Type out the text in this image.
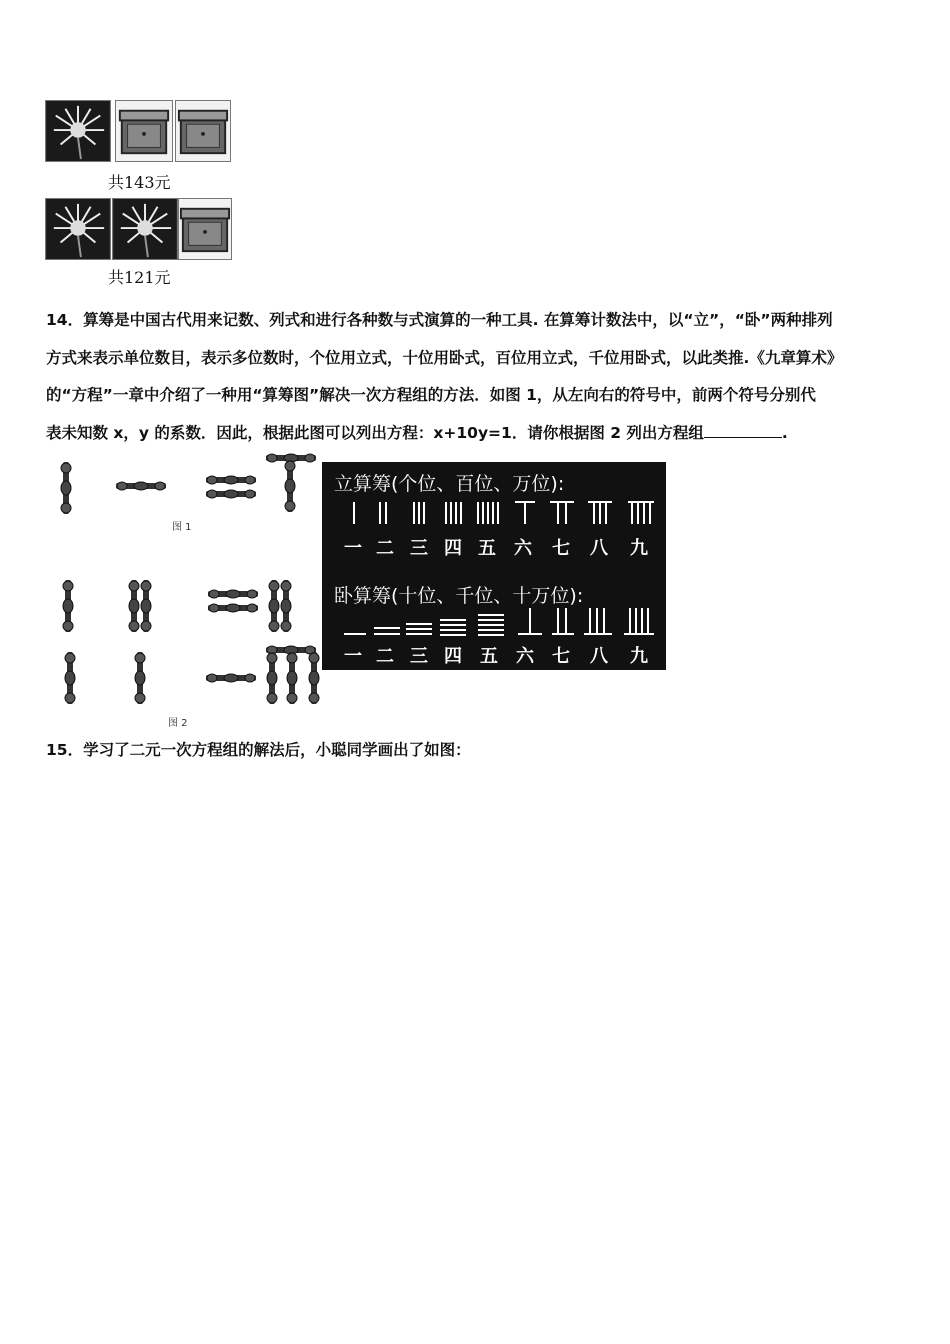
共143元
共121元
14．算筹是中国古代用来记数、列式和进行各种数与式演算的一种工具. 在算筹计数法中，以“立”，“卧”两种排列
方式来表示单位数目，表示多位数时，个位用立式，十位用卧式，百位用立式，千位用卧式，以此类推.《九章算术》
的“方程”一章中介绍了一种用“算筹图”解决一次方程组的方法．如图 1，从左向右的符号中，前两个符号分别代
表未知数 x，y 的系数．因此，根据此图可以列出方程：x+10y=1．请你根据图 2 列出方程组	.
图 1
图 2
立算筹(个位、百位、万位):
一 二 三 四 五 六 七 八 九
卧算筹(十位、千位、十万位):
一 二 三 四 五 六 七 八 九
15．学习了二元一次方程组的解法后，小聪同学画出了如图：
